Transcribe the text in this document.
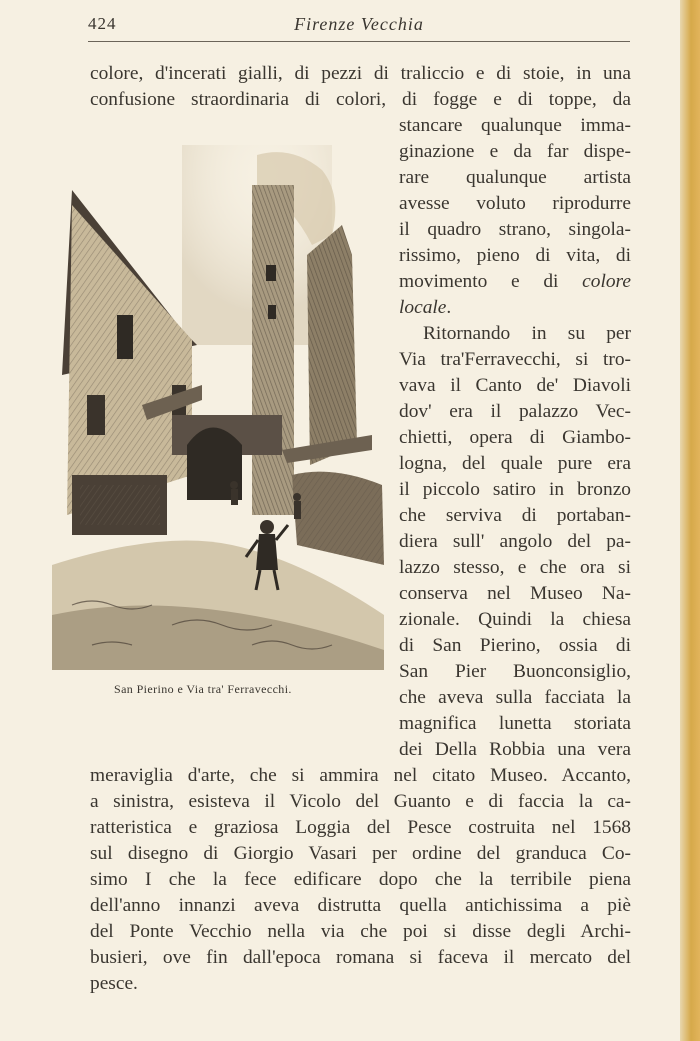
424	Firenze Vecchia
colore, d'incerati gialli, di pezzi di traliccio e di stoie, in una
confusione straordinaria di colori, di fogge e di toppe, da
stancare qualunque imma-
ginazione e da far dispe-
rare qualunque artista
avesse voluto riprodurre
il quadro strano, singola-
rissimo, pieno di vita, di
movimento e di colore
locale.
Ritornando in su per
Via tra'Ferravecchi, si tro-
vava il Canto de' Diavoli
dov' era il palazzo Vec-
chietti, opera di Giambo-
logna, del quale pure era
il piccolo satiro in bronzo
che serviva di portaban-
diera sull' angolo del pa-
lazzo stesso, e che ora si
conserva nel Museo Na-
zionale. Quindi la chiesa
di San Pierino, ossia di
San Pier Buonconsiglio,
che aveva sulla facciata la
magnifica lunetta storiata
dei Della Robbia una vera
meraviglia d'arte, che si ammira nel citato Museo. Accanto,
a sinistra, esisteva il Vicolo del Guanto e di faccia la ca-
ratteristica e graziosa Loggia del Pesce costruita nel 1568
sul disegno di Giorgio Vasari per ordine del granduca Co-
simo I che la fece edificare dopo che la terribile piena
dell'anno innanzi aveva distrutta quella antichissima a piè
del Ponte Vecchio nella via che poi si disse degli Archi-
busieri, ove fin dall'epoca romana si faceva il mercato del
pesce.
San Pierino e Via tra' Ferravecchi.
